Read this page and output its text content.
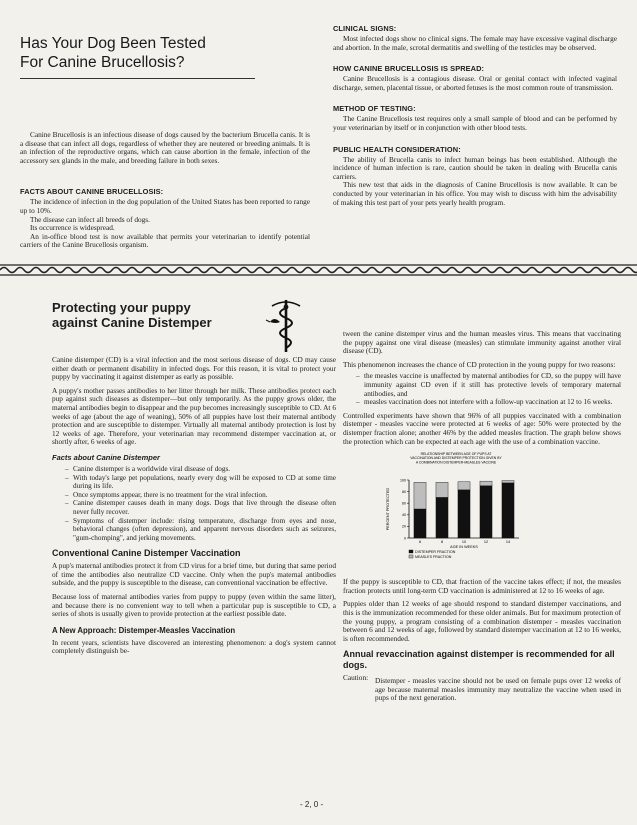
Has Your Dog Been Tested
For Canine Brucellosis?

Canine Brucellosis is an infectious disease of dogs caused by the bacterium Brucella canis. It is a disease that can infect all dogs, regardless of whether they are neutered or breeding animals. It is an infection of the reproductive organs, which can cause abortion in the female, infection of the accessory sex glands in the male, and breeding failure in both sexes.

FACTS ABOUT CANINE BRUCELLOSIS:

The incidence of infection in the dog population of the United States has been reported to range up to 10%.

The disease can infect all breeds of dogs.

Its occurrence is widespread.

An in-office blood test is now available that permits your veterinarian to identify potential carriers of the Canine Brucellosis organism.

CLINICAL SIGNS:

Most infected dogs show no clinical signs. The female may have excessive vaginal discharge and abortion. In the male, scrotal dermatitis and swelling of the testicles may be observed.

HOW CANINE BRUCELLOSIS IS SPREAD:

Canine Brucellosis is a contagious disease. Oral or genital contact with infected vaginal discharge, semen, placental tissue, or aborted fetuses is the most common route of transmission.

METHOD OF TESTING:

The Canine Brucellosis test requires only a small sample of blood and can be performed by your veterinarian by itself or in conjunction with other blood tests.

PUBLIC HEALTH CONSIDERATION:

The ability of Brucella canis to infect human beings has been established. Although the incidence of human infection is rare, caution should be taken in dealing with Brucella canis carriers.

This new test that aids in the diagnosis of Canine Brucellosis is now available. It can be conducted by your veterinarian in his office. You may wish to discuss with him the advisability of making this test part of your pets yearly health program.

Protecting your puppy
against Canine Distemper

Canine distemper (CD) is a viral infection and the most serious disease of dogs. CD may cause either death or permanent disability in infected dogs. For this reason, it is vital to protect your puppy by vaccinating it against distemper as early as possible.

A puppy's mother passes antibodies to her litter through her milk. These antibodies protect each pup against such diseases as distemper—but only temporarily. As the puppy grows older, the maternal antibodies begin to disappear and the pup becomes increasingly susceptible to CD. At 6 weeks of age (about the age of weaning), 50% of all puppies have lost their maternal antibody protection and are susceptible to distemper. Virtually all maternal antibody protection is lost by 12 weeks of age. Therefore, your veterinarian may recommend distemper vaccination at, or shortly after, 6 weeks of age.

Facts about Canine Distemper
– Canine distemper is a worldwide viral disease of dogs.
– With today's large pet populations, nearly every dog will be exposed to CD at some time during its life.
– Once symptoms appear, there is no treatment for the viral infection.
– Canine distemper causes death in many dogs. Dogs that live through the disease often never fully recover.
– Symptoms of distemper include: rising temperature, discharge from eyes and nose, behavioral changes (often depression), and apparent nervous disorders such as seizures, "gum-chomping", and jerking movements.
Conventional Canine Distemper Vaccination

A pup's maternal antibodies protect it from CD virus for a brief time, but during that same period of time the antibodies also neutralize CD vaccine. Only when the pup's maternal antibodies subside, and the puppy is susceptible to the disease, can conventional vaccination be effective.

Because loss of maternal antibodies varies from puppy to puppy (even within the same litter), and because there is no convenient way to tell when a particular pup is susceptible to CD, a series of shots is usually given to provide protection at the earliest possible date.

A New Approach: Distemper-Measles Vaccination

In recent years, scientists have discovered an interesting phenomenon: a dog's system cannot completely distinguish be-

tween the canine distemper virus and the human measles virus. This means that vaccinating the puppy against one viral disease (measles) can stimulate immunity against another viral disease (CD).

This phenomenon increases the chance of CD protection in the young puppy for two reasons:

– the measles vaccine is unaffected by maternal antibodies for CD, so the puppy will have immunity against CD even if it still has protective levels of temporary maternal antibodies, and
– measles vaccination does not interfere with a follow-up vaccination at 12 to 16 weeks.

Controlled experiments have shown that 96% of all puppies vaccinated with a combination distemper - measles vaccine were protected at 6 weeks of age: 50% were protected by the distemper fraction alone; another 46% by the added measles fraction. The graph below shows the protection which can be expected at each age with the use of a combination vaccine.

RELATIONSHIP BETWEEN AGE OF PUPS AT
VACCINATION AND DISTEMPER PROTECTION GIVEN BY
A COMBINATION DISTEMPER-MEASLES VACCINE
100
80
60
40
20
0
PERCENT PROTECTED
6	8	10	12	14
AGE IN WEEKS
DISTEMPER FRACTION
MEASLES FRACTION

If the puppy is susceptible to CD, that fraction of the vaccine takes effect; if not, the measles fraction protects until long-term CD vaccination is administered at 12 to 16 weeks of age.

Puppies older than 12 weeks of age should respond to standard distemper vaccinations, and this is the immunization recommended for these older animals. But for maximum protection of the young puppy, a program consisting of a combination distemper - measles vaccination between 6 and 12 weeks of age, followed by standard distemper vaccination at 12 to 16 weeks, is often recommended.

Annual revaccination against distemper is recommended for all dogs.
Caution: Distemper - measles vaccine should not be used on female pups over 12 weeks of age because maternal measles immunity may neutralize the vaccine when used in pups of the next generation.
- 2, 0 -
